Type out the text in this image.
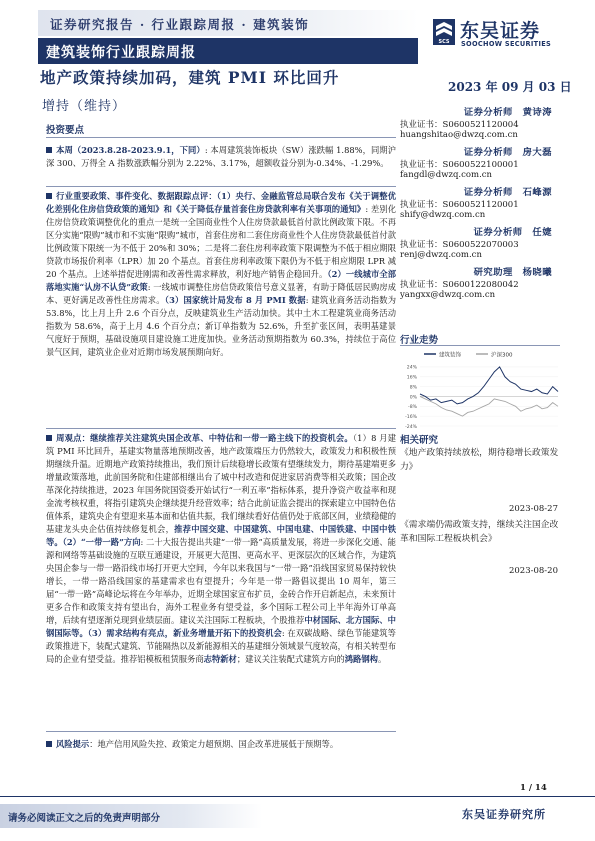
证券研究报告 · 行业跟踪周报 · 建筑装饰
建筑装饰行业跟踪周报
SCS 东吴证券
SOOCHOW SECURITIES
地产政策持续加码，建筑 PMI 环比回升	2023 年 09 月 03 日
增持（维持）
投资要点
本周（2023.8.28-2023.9.1，下同）: 本周建筑装饰板块（SW）涨跌幅 1.88%，同期沪深 300、万得全 A 指数涨跌幅分别为 2.22%、3.17%，超额收益分别为-0.34%、-1.29%。
行业重要政策、事件变化、数据跟踪点评：（1）央行、金融监管总局联合发布《关于调整优化差别化住房信贷政策的通知》和《关于降低存量首套住房贷款利率有关事项的通知》: 差别化住房信贷政策调整优化的重点一是统一全国商业性个人住房贷款最低首付款比例政策下限。不再区分实施“限购”城市和不实施“限购”城市，首套住房和二套住房商业性个人住房贷款最低首付款比例政策下限统一为不低于 20%和 30%；二是将二套住房利率政策下限调整为不低于相应期限贷款市场报价利率（LPR）加 20 个基点。首套住房利率政策下限仍为不低于相应期限 LPR 减 20 个基点。上述举措促进刚需和改善性需求释放，利好地产销售企稳回升。（2）一线城市全部落地实施“认房不认贷”政策: 一线城市调整住房信贷政策信号意义显著，有助于降低居民购房成本、更好满足改善性住房需求。（3）国家统计局发布 8 月 PMI 数据: 建筑业商务活动指数为 53.8%，比上月上升 2.6 个百分点，反映建筑业生产活动加快。其中土木工程建筑业商务活动指数为 58.6%，高于上月 4.6 个百分点；新订单指数为 52.6%，升至扩张区间，表明基建景气度好于预期，基础设施项目建设施工进度加快。业务活动预期指数为 60.3%，持续位于高位景气区间，建筑业企业对近期市场发展预期向好。
周观点：继续推荐关注建筑央国企改革、中特估和一带一路主线下的投资机会。（1）8 月建筑 PMI 环比回升，基建实物量落地预期改善，地产政策端压力仍然较大，政策发力和积极性预期继续升温。近期地产政策持续推出，我们预计后续稳增长政策有望继续发力，期待基建端更多增量政策落地，此前国务院和住建部相继出台了城中村改造和促进家居消费等相关政策；国企改革深化持续推进，2023 年国务院国资委开始试行“一利五率”指标体系，提升净资产收益率和现金流考核权重，将指引建筑央企继续提升经营效率；结合此前证监会提出的探索建立中国特色估值体系，建筑央企有望迎来基本面和估值共振，我们继续看好估值仍处于底部区间，业绩稳健的基建龙头央企估值持续修复机会，推荐中国交建、中国建筑、中国电建、中国铁建、中国中铁等。（2）“一带一路”方向: 二十大报告提出共建“一带一路”高质量发展，将进一步深化交通、能源和网络等基础设施的互联互通建设，开展更大范围、更高水平、更深层次的区域合作，为建筑央国企参与一带一路沿线市场打开更大空间，今年以来我国与“一带一路”沿线国家贸易保持较快增长，一带一路沿线国家的基建需求也有望提升；今年是一带一路倡议提出 10 周年，第三届“一带一路”高峰论坛将在今年举办，近期全球国家宣布扩员，金砖合作开启新起点，未来预计更多合作和政策支持有望出台，海外工程业务有望受益，多个国际工程公司上半年海外订单高增，后续有望逐渐兑现到业绩层面。建议关注国际工程板块，个股推荐中材国际、北方国际、中钢国际等。（3）需求结构有亮点，新业务增量开拓下的投资机会: 在双碳战略、绿色节能建筑等政策推进下，装配式建筑、节能隔热以及新能源相关的基建细分领域景气度较高，有相关转型布局的企业有望受益。推荐铝模板租赁服务商志特新材；建议关注装配式建筑方向的鸿路钢构。
风险提示：地产信用风险失控、政策定力超预期、国企改革进展低于预期等。
证券分析师　黄诗涛
执业证书：S0600521120004
huangshitao@dwzq.com.cn
证券分析师　房大磊
执业证书：S0600522100001
fangdl@dwzq.com.cn
证券分析师　石峰源
执业证书：S0600521120001
shify@dwzq.com.cn
证券分析师　任婕
执业证书：S0600522070003
renj@dwzq.com.cn
研究助理　杨晓曦
执业证书：S0600122080042
yangxx@dwzq.com.cn
行业走势
建筑装饰	沪深300
-24%
-16%
-8%
0%
8%
16%
24%
相关研究
《地产政策持续放松，期待稳增长政策发力》
2023-08-27
《需求端仍需政策支持，继续关注国企改革和国际工程板块机会》
2023-08-20
1 / 14
请务必阅读正文之后的免责声明部分	东吴证券研究所
